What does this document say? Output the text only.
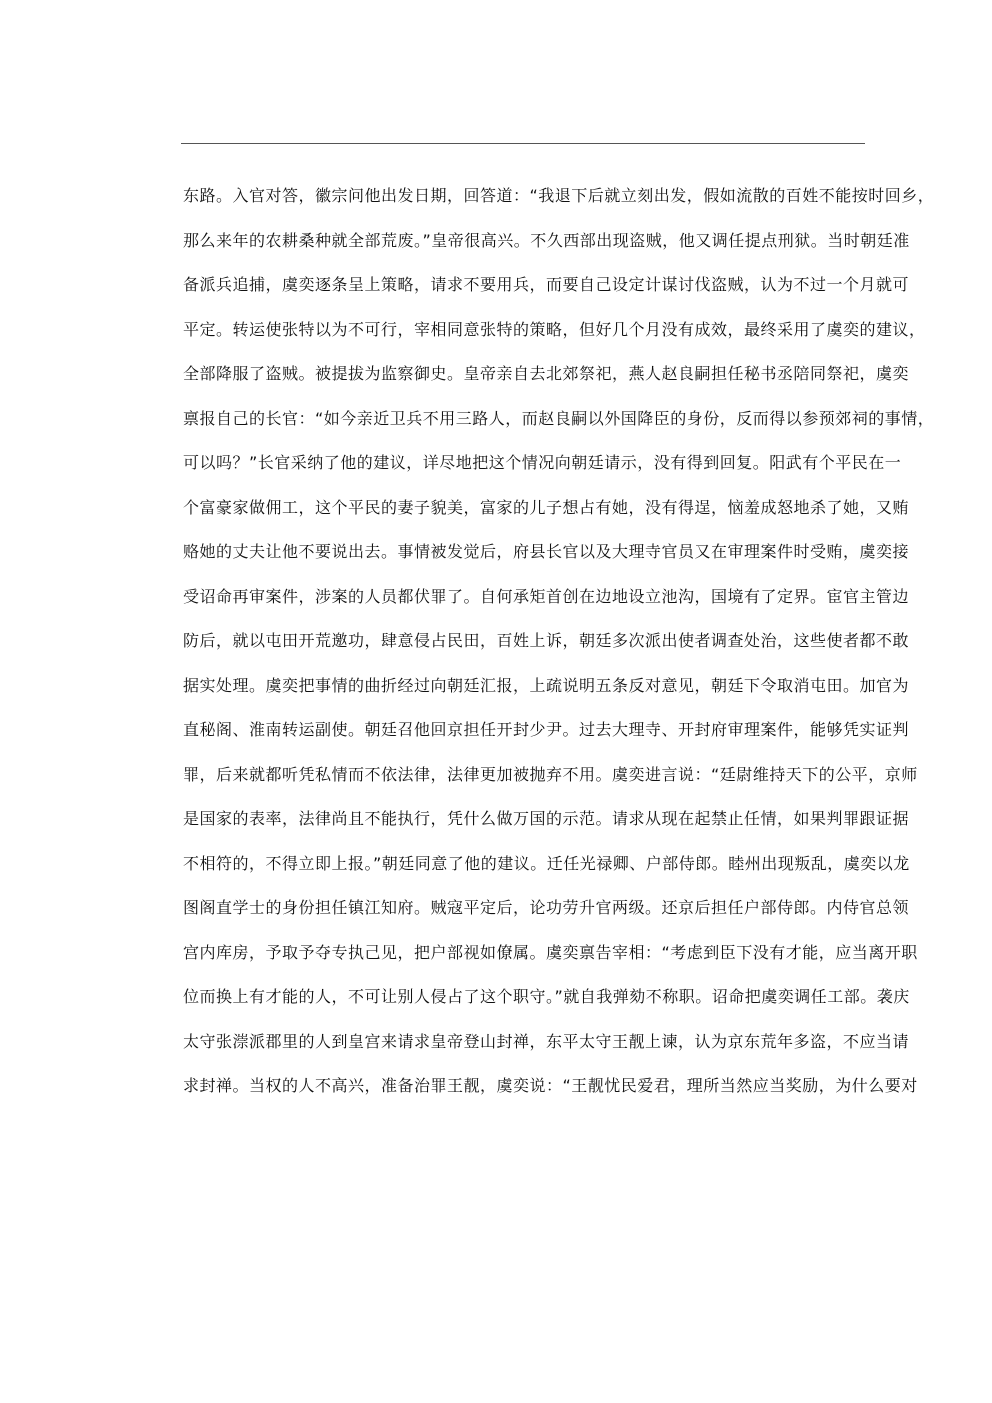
东路。入官对答，徽宗问他出发日期，回答道：“我退下后就立刻出发，假如流散的百姓不能按时回乡，
那么来年的农耕桑种就全部荒废。”皇帝很高兴。不久西部出现盗贼，他又调任提点刑狱。当时朝廷准
备派兵追捕，虞奕逐条呈上策略，请求不要用兵，而要自己设定计谋讨伐盗贼，认为不过一个月就可
平定。转运使张特以为不可行，宰相同意张特的策略，但好几个月没有成效，最终采用了虞奕的建议，
全部降服了盗贼。被提拔为监察御史。皇帝亲自去北郊祭祀，燕人赵良嗣担任秘书丞陪同祭祀，虞奕
禀报自己的长官：“如今亲近卫兵不用三路人，而赵良嗣以外国降臣的身份，反而得以参预郊祠的事情，
可以吗？”长官采纳了他的建议，详尽地把这个情况向朝廷请示，没有得到回复。阳武有个平民在一
个富豪家做佣工，这个平民的妻子貌美，富家的儿子想占有她，没有得逞，恼羞成怒地杀了她，又贿
赂她的丈夫让他不要说出去。事情被发觉后，府县长官以及大理寺官员又在审理案件时受贿，虞奕接
受诏命再审案件，涉案的人员都伏罪了。自何承矩首创在边地设立池沟，国境有了定界。宦官主管边
防后，就以屯田开荒邀功，肆意侵占民田，百姓上诉，朝廷多次派出使者调查处治，这些使者都不敢
据实处理。虞奕把事情的曲折经过向朝廷汇报，上疏说明五条反对意见，朝廷下令取消屯田。加官为
直秘阁、淮南转运副使。朝廷召他回京担任开封少尹。过去大理寺、开封府审理案件，能够凭实证判
罪，后来就都听凭私情而不依法律，法律更加被抛弃不用。虞奕进言说：“廷尉维持天下的公平，京师
是国家的表率，法律尚且不能执行，凭什么做万国的示范。请求从现在起禁止任情，如果判罪跟证据
不相符的，不得立即上报。”朝廷同意了他的建议。迁任光禄卿、户部侍郎。睦州出现叛乱，虞奕以龙
图阁直学士的身份担任镇江知府。贼寇平定后，论功劳升官两级。还京后担任户部侍郎。内侍官总领
宫内库房，予取予夺专执己见，把户部视如僚属。虞奕禀告宰相：“考虑到臣下没有才能，应当离开职
位而换上有才能的人，不可让别人侵占了这个职守。”就自我弹劾不称职。诏命把虞奕调任工部。袭庆
太守张漴派郡里的人到皇宫来请求皇帝登山封禅，东平太守王靓上谏，认为京东荒年多盗，不应当请
求封禅。当权的人不高兴，准备治罪王靓，虞奕说：“王靓忧民爱君，理所当然应当奖励，为什么要对
